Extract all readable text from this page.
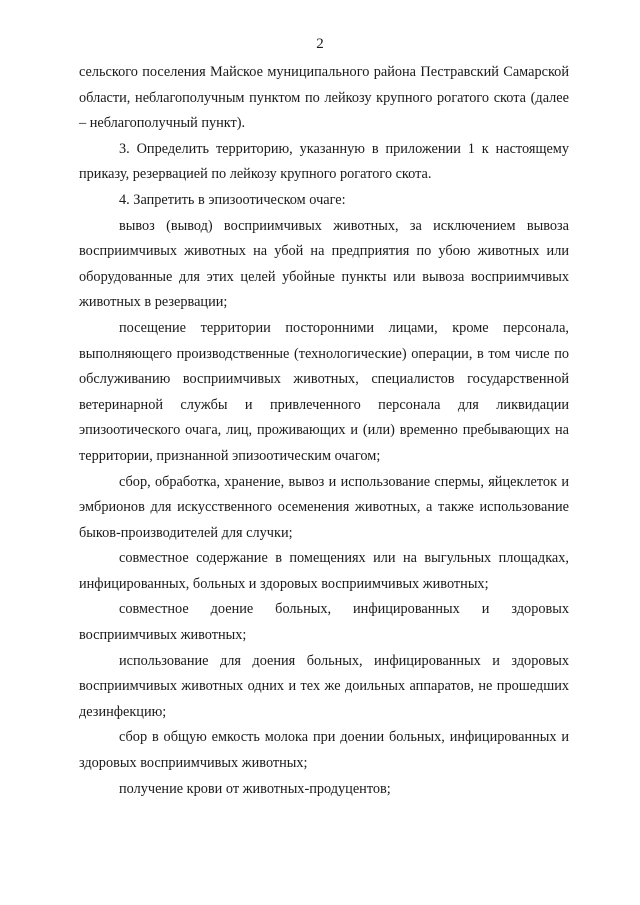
2

сельского поселения Майское муниципального района Пестравский Самарской области, неблагополучным пунктом по лейкозу крупного рогатого скота (далее – неблагополучный пункт).

3. Определить территорию, указанную в приложении 1 к настоящему приказу, резервацией по лейкозу крупного рогатого скота.

4. Запретить в эпизоотическом очаге:

вывоз (вывод) восприимчивых животных, за исключением вывоза восприимчивых животных на убой на предприятия по убою животных или оборудованные для этих целей убойные пункты или вывоза восприимчивых животных в резервации;

посещение территории посторонними лицами, кроме персонала, выполняющего производственные (технологические) операции, в том числе по обслуживанию восприимчивых животных, специалистов государственной ветеринарной службы и привлеченного персонала для ликвидации эпизоотического очага, лиц, проживающих и (или) временно пребывающих на территории, признанной эпизоотическим очагом;

сбор, обработка, хранение, вывоз и использование спермы, яйцеклеток и эмбрионов для искусственного осеменения животных, а также использование быков-производителей для случки;

совместное содержание в помещениях или на выгульных площадках, инфицированных, больных и здоровых восприимчивых животных;

совместное доение больных, инфицированных и здоровых восприимчивых животных;

использование для доения больных, инфицированных и здоровых восприимчивых животных одних и тех же доильных аппаратов, не прошедших дезинфекцию;

сбор в общую емкость молока при доении больных, инфицированных и здоровых восприимчивых животных;

получение крови от животных-продуцентов;
